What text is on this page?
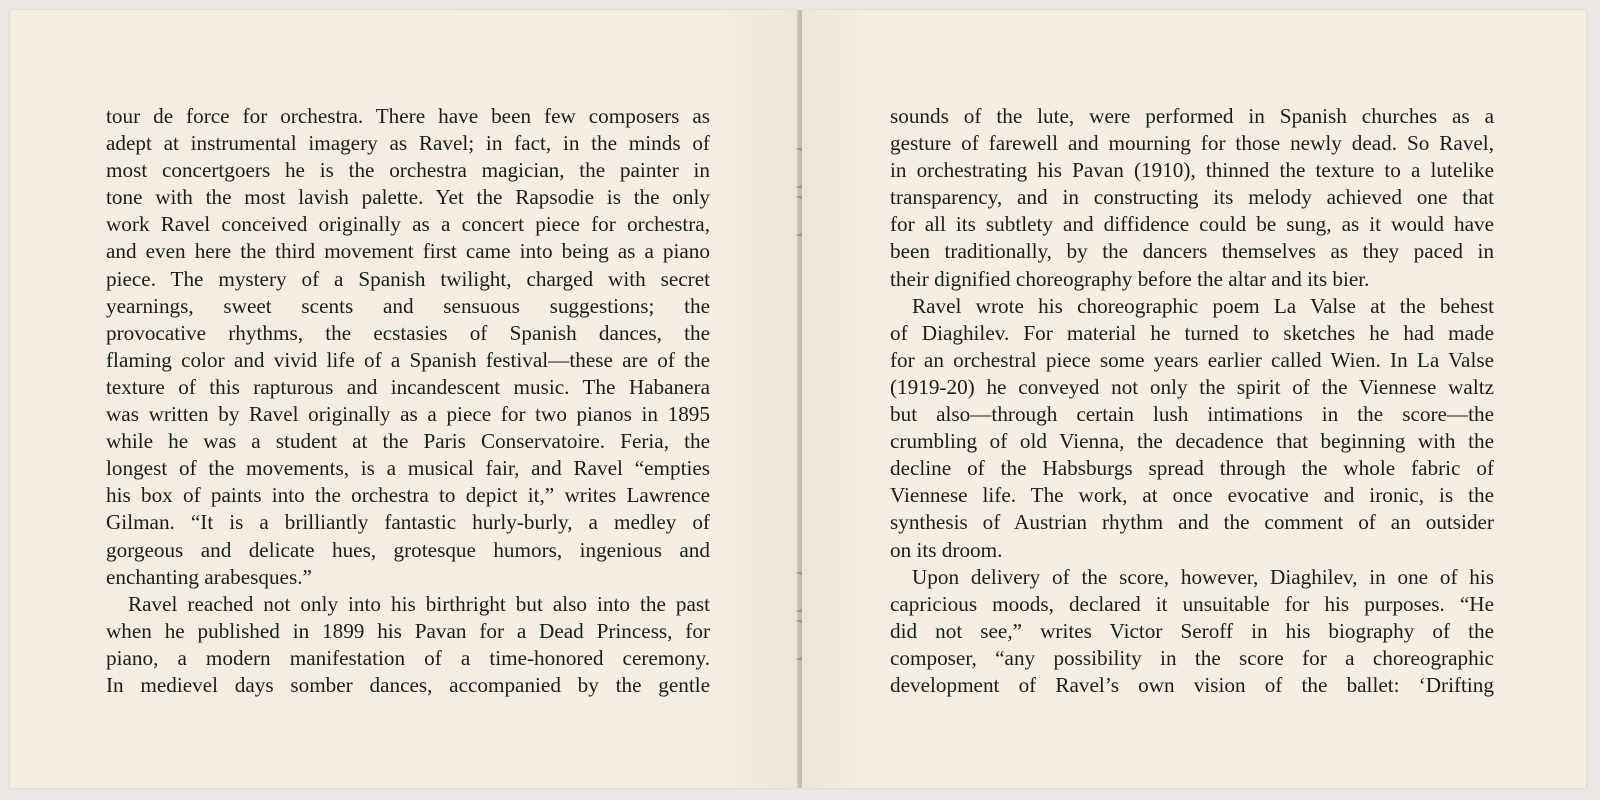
tour de force for orchestra. There have been few composers as
adept at instrumental imagery as Ravel; in fact, in the minds of
most concertgoers he is the orchestra magician, the painter in
tone with the most lavish palette. Yet the Rapsodie is the only
work Ravel conceived originally as a concert piece for orchestra,
and even here the third movement first came into being as a piano
piece. The mystery of a Spanish twilight, charged with secret
yearnings, sweet scents and sensuous suggestions; the
provocative rhythms, the ecstasies of Spanish dances, the
flaming color and vivid life of a Spanish festival—these are of the
texture of this rapturous and incandescent music. The Habanera
was written by Ravel originally as a piece for two pianos in 1895
while he was a student at the Paris Conservatoire. Feria, the
longest of the movements, is a musical fair, and Ravel “empties
his box of paints into the orchestra to depict it,” writes Lawrence
Gilman. “It is a brilliantly fantastic hurly-burly, a medley of
gorgeous and delicate hues, grotesque humors, ingenious and
enchanting arabesques.”
Ravel reached not only into his birthright but also into the past
when he published in 1899 his Pavan for a Dead Princess, for
piano, a modern manifestation of a time-honored ceremony.
In medievel days somber dances, accompanied by the gentle
sounds of the lute, were performed in Spanish churches as a
gesture of farewell and mourning for those newly dead. So Ravel,
in orchestrating his Pavan (1910), thinned the texture to a lutelike
transparency, and in constructing its melody achieved one that
for all its subtlety and diffidence could be sung, as it would have
been traditionally, by the dancers themselves as they paced in
their dignified choreography before the altar and its bier.
Ravel wrote his choreographic poem La Valse at the behest
of Diaghilev. For material he turned to sketches he had made
for an orchestral piece some years earlier called Wien. In La Valse
(1919-20) he conveyed not only the spirit of the Viennese waltz
but also—through certain lush intimations in the score—the
crumbling of old Vienna, the decadence that beginning with the
decline of the Habsburgs spread through the whole fabric of
Viennese life. The work, at once evocative and ironic, is the
synthesis of Austrian rhythm and the comment of an outsider
on its droom.
Upon delivery of the score, however, Diaghilev, in one of his
capricious moods, declared it unsuitable for his purposes. “He
did not see,” writes Victor Seroff in his biography of the
composer, “any possibility in the score for a choreographic
development of Ravel’s own vision of the ballet: ‘Drifting
